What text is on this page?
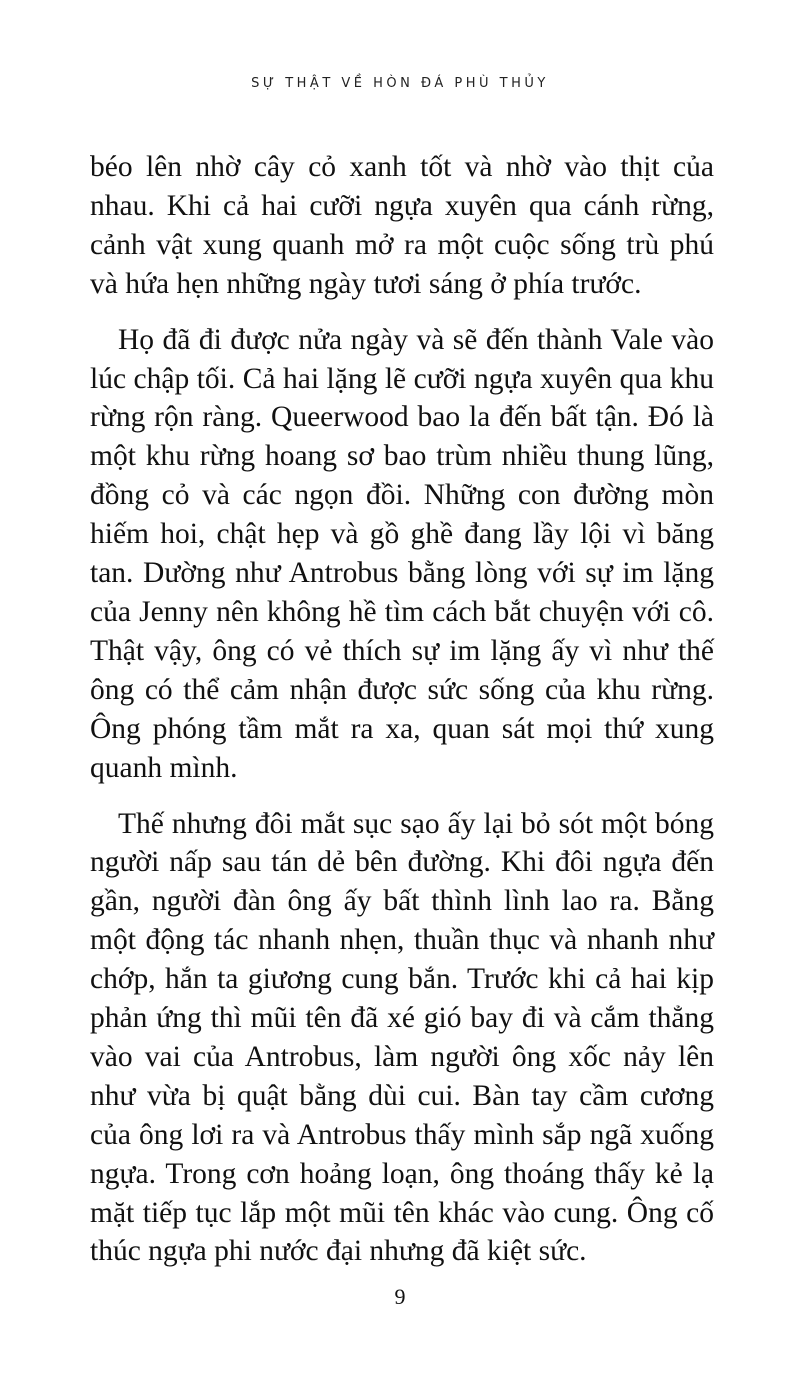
SỰ THẬT VỀ HÒN ĐÁ PHÙ THỦY

béo lên nhờ cây cỏ xanh tốt và nhờ vào thịt của nhau. Khi cả hai cưỡi ngựa xuyên qua cánh rừng, cảnh vật xung quanh mở ra một cuộc sống trù phú và hứa hẹn những ngày tươi sáng ở phía trước.

Họ đã đi được nửa ngày và sẽ đến thành Vale vào lúc chập tối. Cả hai lặng lẽ cưỡi ngựa xuyên qua khu rừng rộn ràng. Queerwood bao la đến bất tận. Đó là một khu rừng hoang sơ bao trùm nhiều thung lũng, đồng cỏ và các ngọn đồi. Những con đường mòn hiếm hoi, chật hẹp và gồ ghề đang lầy lội vì băng tan. Dường như Antrobus bằng lòng với sự im lặng của Jenny nên không hề tìm cách bắt chuyện với cô. Thật vậy, ông có vẻ thích sự im lặng ấy vì như thế ông có thể cảm nhận được sức sống của khu rừng. Ông phóng tầm mắt ra xa, quan sát mọi thứ xung quanh mình.

Thế nhưng đôi mắt sục sạo ấy lại bỏ sót một bóng người nấp sau tán dẻ bên đường. Khi đôi ngựa đến gần, người đàn ông ấy bất thình lình lao ra. Bằng một động tác nhanh nhẹn, thuần thục và nhanh như chớp, hắn ta giương cung bắn. Trước khi cả hai kịp phản ứng thì mũi tên đã xé gió bay đi và cắm thẳng vào vai của Antrobus, làm người ông xốc nảy lên như vừa bị quật bằng dùi cui. Bàn tay cầm cương của ông lơi ra và Antrobus thấy mình sắp ngã xuống ngựa. Trong cơn hoảng loạn, ông thoáng thấy kẻ lạ mặt tiếp tục lắp một mũi tên khác vào cung. Ông cố thúc ngựa phi nước đại nhưng đã kiệt sức.

9
